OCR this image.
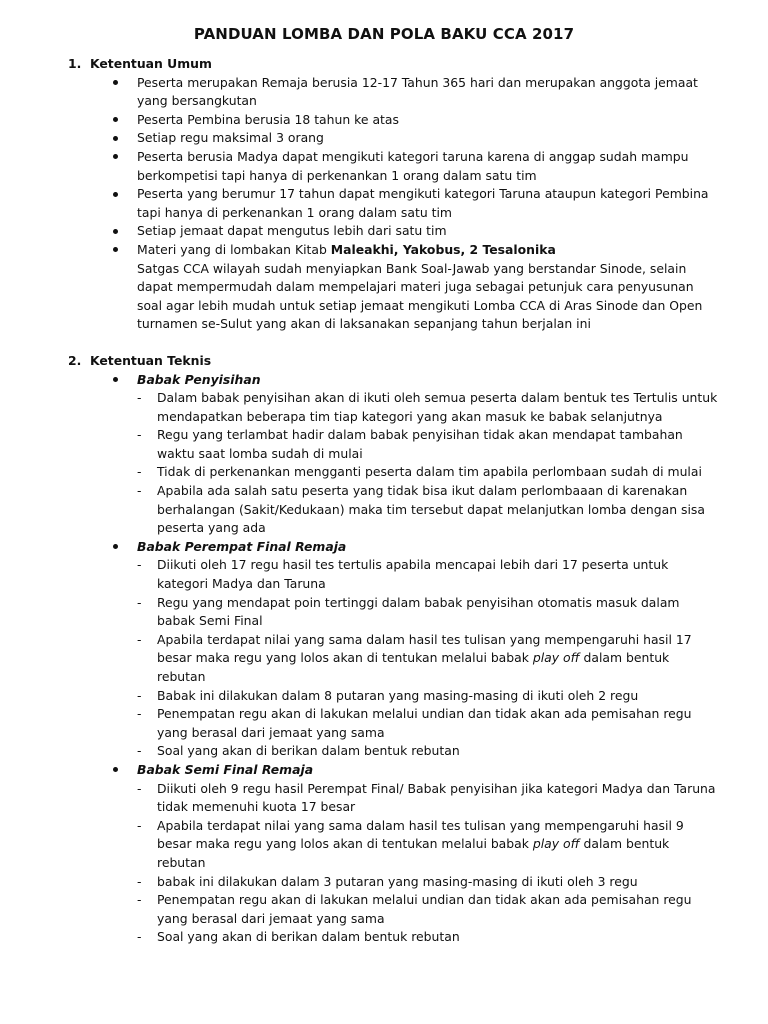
PANDUAN LOMBA DAN POLA BAKU CCA 2017
1. Ketentuan Umum
Peserta merupakan Remaja berusia 12-17 Tahun 365 hari dan merupakan anggota jemaat yang bersangkutan
Peserta Pembina berusia 18 tahun ke atas
Setiap regu maksimal 3 orang
Peserta berusia Madya dapat mengikuti kategori taruna karena di anggap sudah mampu berkompetisi tapi hanya di perkenankan 1 orang dalam satu tim
Peserta yang berumur 17 tahun dapat mengikuti kategori Taruna ataupun kategori Pembina tapi hanya di perkenankan 1 orang dalam satu tim
Setiap jemaat dapat mengutus lebih dari satu tim
Materi yang di lombakan Kitab Maleakhi, Yakobus, 2 Tesalonika
Satgas CCA wilayah sudah menyiapkan Bank Soal-Jawab yang berstandar Sinode, selain dapat mempermudah dalam mempelajari materi juga sebagai petunjuk cara penyusunan soal agar lebih mudah untuk setiap jemaat mengikuti Lomba CCA di Aras Sinode dan Open turnamen se-Sulut yang akan di laksanakan sepanjang tahun berjalan ini
2. Ketentuan Teknis
Babak Penyisihan
- Dalam babak penyisihan akan di ikuti oleh semua peserta dalam bentuk tes Tertulis untuk mendapatkan beberapa tim tiap kategori yang akan masuk ke babak selanjutnya
- Regu yang terlambat hadir dalam babak penyisihan tidak akan mendapat tambahan waktu saat lomba sudah di mulai
- Tidak di perkenankan mengganti peserta dalam tim apabila perlombaan sudah di mulai
- Apabila ada salah satu peserta yang tidak bisa ikut dalam perlombaaan di karenakan berhalangan (Sakit/Kedukaan) maka tim tersebut dapat melanjutkan lomba dengan sisa peserta yang ada
Babak Perempat Final Remaja
- Diikuti oleh 17 regu hasil tes tertulis apabila mencapai lebih dari 17 peserta untuk kategori Madya dan Taruna
- Regu yang mendapat poin tertinggi dalam babak penyisihan otomatis masuk dalam babak Semi Final
- Apabila terdapat nilai yang sama dalam hasil tes tulisan yang mempengaruhi hasil 17 besar maka regu yang lolos akan di tentukan melalui babak play off dalam bentuk rebutan
- Babak ini dilakukan dalam 8 putaran yang masing-masing di ikuti oleh 2 regu
- Penempatan regu akan di lakukan melalui undian dan tidak akan ada pemisahan regu yang berasal dari jemaat yang sama
- Soal yang akan di berikan dalam bentuk rebutan
Babak Semi Final Remaja
- Diikuti oleh 9 regu hasil Perempat Final/ Babak penyisihan jika kategori Madya dan Taruna tidak memenuhi kuota 17 besar
- Apabila terdapat nilai yang sama dalam hasil tes tulisan yang mempengaruhi hasil 9 besar maka regu yang lolos akan di tentukan melalui babak play off dalam bentuk rebutan
- babak ini dilakukan dalam 3 putaran yang masing-masing di ikuti oleh 3 regu
- Penempatan regu akan di lakukan melalui undian dan tidak akan ada pemisahan regu yang berasal dari jemaat yang sama
- Soal yang akan di berikan dalam bentuk rebutan
